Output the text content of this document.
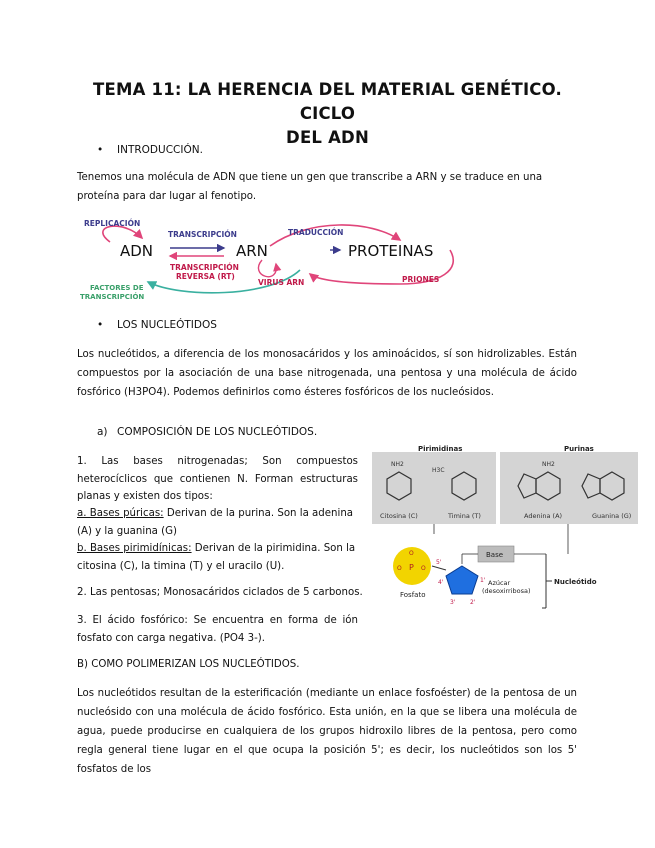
TEMA 11: LA HERENCIA DEL MATERIAL GENÉTICO. CICLO
DEL ADN
• INTRODUCCIÓN.
Tenemos una molécula de ADN que tiene un gen que transcribe a ARN y se traduce en una proteína para dar lugar al fenotipo.
REPLICACIÓN
TRANSCRIPCIÓN	TRADUCCIÓN
ADN	ARN	PROTEINAS
TRANSCRIPCIÓN
REVERSA (RT)
VIRUS ARN	PRIONES
FACTORES DE
TRANSCRIPCIÓN
• LOS NUCLEÓTIDOS
Los nucleótidos, a diferencia de los monosacáridos y los aminoácidos, sí son hidrolizables. Están compuestos por la asociación de una base nitrogenada, una pentosa y una molécula de ácido fosfórico (H3PO4). Podemos definirlos como ésteres fosfóricos de los nucleósidos.
a) COMPOSICIÓN DE LOS NUCLEÓTIDOS.
1. Las bases nitrogenadas; Son compuestos heterocíclicos que contienen N. Forman estructuras planas y existen dos tipos:
a. Bases púricas: Derivan de la purina. Son la adenina (A) y la guanina (G)
b. Bases pirimidínicas: Derivan de la pirimidina. Son la citosina (C), la timina (T) y el uracilo (U).
2. Las pentosas; Monosacáridos ciclados de 5 carbonos.
3. El ácido fosfórico: Se encuentra en forma de ión fosfato con carga negativa. (PO4 3-).
Pirimidinas	Purinas
NH2
Citosina (C)
H3C
Timina (T)
NH2
Adenina (A)	Guanina (G)
Base
P
O
O	O
Fosfato
5'
4'
3' 2'
1' Azúcar
(desoxirribosa)
Nucleótido
B) COMO POLIMERIZAN LOS NUCLEÓTIDOS.
Los nucleótidos resultan de la esterificación (mediante un enlace fosfoéster) de la pentosa de un nucleósido con una molécula de ácido fosfórico. Esta unión, en la que se libera una molécula de agua, puede producirse en cualquiera de los grupos hidroxilo libres de la pentosa, pero como regla general tiene lugar en el que ocupa la posición 5'; es decir, los nucleótidos son los 5' fosfatos de los
